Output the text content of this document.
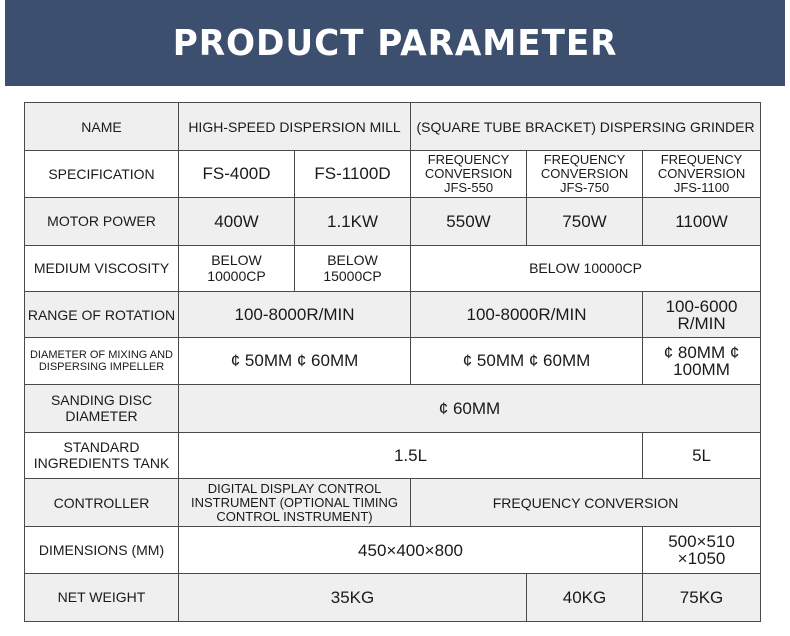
PRODUCT PARAMETER
NAME	HIGH-SPEED DISPERSION MILL		(SQUARE TUBE BRACKET) DISPERSING GRINDER		
SPECIFICATION	FS-400D	FS-1100D	FREQUENCY CONVERSION JFS-550	FREQUENCY CONVERSION JFS-750	FREQUENCY CONVERSION JFS-1100
MOTOR POWER	400W	1.1KW	550W	750W	1100W
MEDIUM VISCOSITY	BELOW 10000CP	BELOW 15000CP	BELOW 10000CP		
RANGE OF ROTATION	100-8000R/MIN		100-8000R/MIN		100-6000 R/MIN
DIAMETER OF MIXING AND DISPERSING IMPELLER	¢ 50MM ¢ 60MM		¢ 50MM ¢ 60MM		¢ 80MM ¢ 100MM
SANDING DISC DIAMETER	¢ 60MM				
STANDARD INGREDIENTS TANK	1.5L				5L
CONTROLLER	DIGITAL DISPLAY CONTROL INSTRUMENT (OPTIONAL TIMING CONTROL INSTRUMENT)		FREQUENCY CONVERSION		
DIMENSIONS (MM)	450×400×800				500×510 ×1050
NET WEIGHT	35KG			40KG	75KG
